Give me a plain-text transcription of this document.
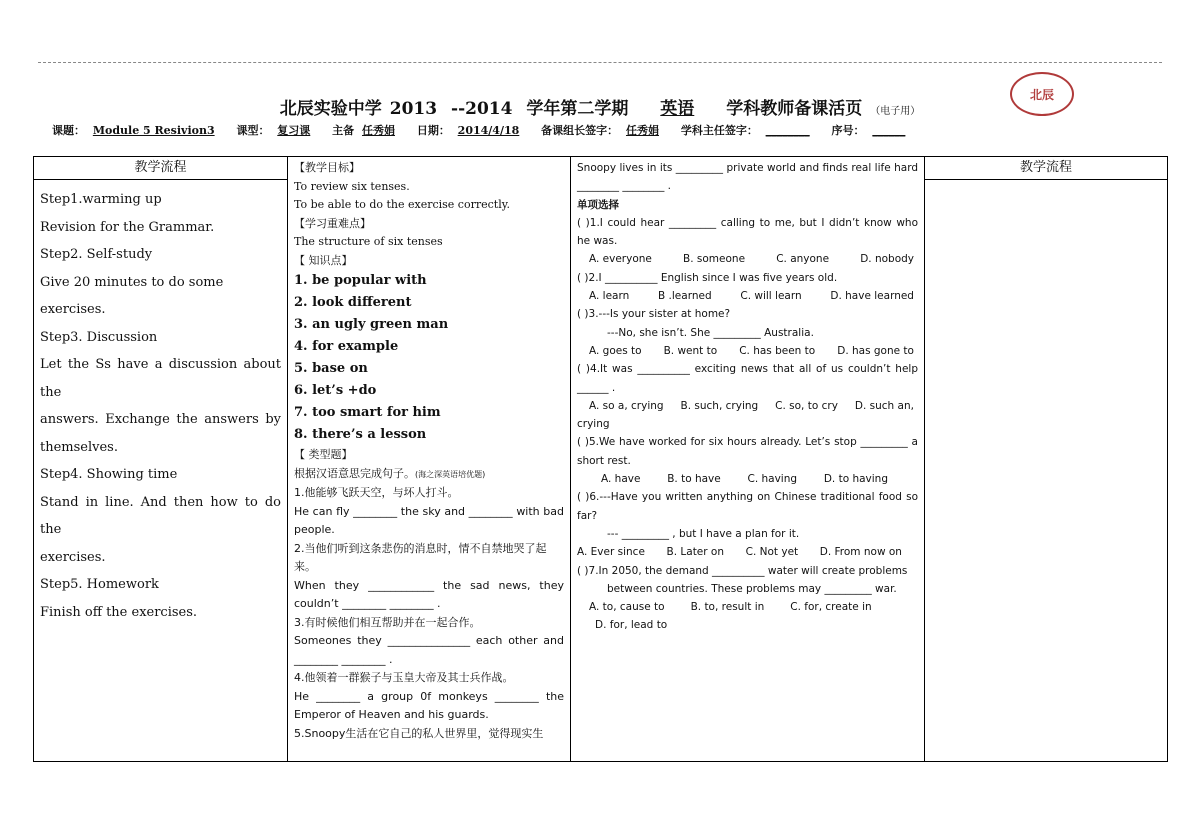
北辰实验中学 2013 --2014 学年第二学期 英语 学科教师备课活页 （电子用）
北辰
课题： Module 5 Resivion3 课型： 复习课 主备 任秀娟 日期： 2014/4/18 备课组长签字： 任秀娟 学科主任签字： ________ 序号： ______
教学流程
Step1.warming up
Revision for the Grammar.
Step2. Self-study
Give 20 minutes to do some exercises.
Step3. Discussion
Let the Ss have a discussion about the
answers. Exchange the answers by
themselves.
Step4. Showing time
Stand in line. And then how to do the
exercises.
Step5. Homework
Finish off the exercises.

【教学目标】
To review six tenses.
To be able to do the exercise correctly.
【学习重难点】
The structure of six tenses
【 知识点】
1. be popular with
2. look different
3. an ugly green man
4. for example
5. base on
6. let’s +do
7. too smart for him
8. there’s a lesson
【 类型题】
根据汉语意思完成句子。(海之深英语培优题)
1.他能够飞跃天空，与坏人打斗。
He can fly ________ the sky and ________ with bad people.
2.当他们听到这条悲伤的消息时，情不自禁地哭了起来。
When they ____________ the sad news, they couldn’t ________ ________ .
3.有时候他们相互帮助并在一起合作。
Someones they _______________ each other and ________ ________ .
4.他领着一群猴子与玉皇大帝及其士兵作战。
He ________ a group 0f monkeys ________ the Emperor of Heaven and his guards.
5.Snoopy生活在它自己的私人世界里，觉得现实生

Snoopy lives in its _________ private world and finds real life hard ________ ________ .
单项选择
( )1.I could hear _________ calling to me, but I didn’t know who he was.
A. everyone	B. someone	C. anyone	D. nobody
( )2.I __________ English since I was five years old.
A. learn	B .learned	C. will learn	D. have learned
( )3.---Is your sister at home?
---No, she isn’t. She _________ Australia.
A. goes to B. went to C. has been to D. has gone to
( )4.It was __________ exciting news that all of us couldn’t help ______ .
A. so a, crying B. such, crying C. so, to cry D. such an,
crying
( )5.We have worked for six hours already. Let’s stop _________ a short rest.
A. have	B. to have	C. having	D. to having
( )6.---Have you written anything on Chinese traditional food so far?
--- _________ , but I have a plan for it.
A. Ever since B. Later on C. Not yet D. From now on
( )7.In 2050, the demand __________ water will create problems
between countries. These problems may _________ war.
A. to, cause to B. to, result in C. for, create in
D. for, lead to

教学流程
